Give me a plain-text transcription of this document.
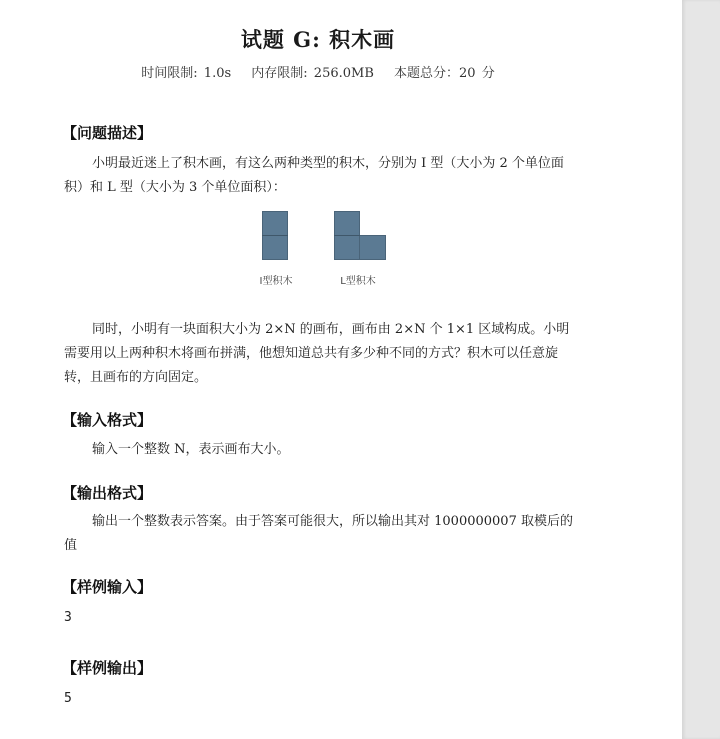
试题 G: 积木画
时间限制: 1.0s 内存限制: 256.0MB 本题总分：20 分
【问题描述】
小明最近迷上了积木画，有这么两种类型的积木，分别为 I 型（大小为 2 个单位面积）和 L 型（大小为 3 个单位面积）：
I型积木	L型积木
同时，小明有一块面积大小为 2×N 的画布，画布由 2×N 个 1×1 区域构成。小明需要用以上两种积木将画布拼满，他想知道总共有多少种不同的方式？积木可以任意旋转，且画布的方向固定。
【输入格式】
输入一个整数 N，表示画布大小。
【输出格式】
输出一个整数表示答案。由于答案可能很大，所以输出其对 1000000007 取模后的值
【样例输入】
3
【样例输出】
5
